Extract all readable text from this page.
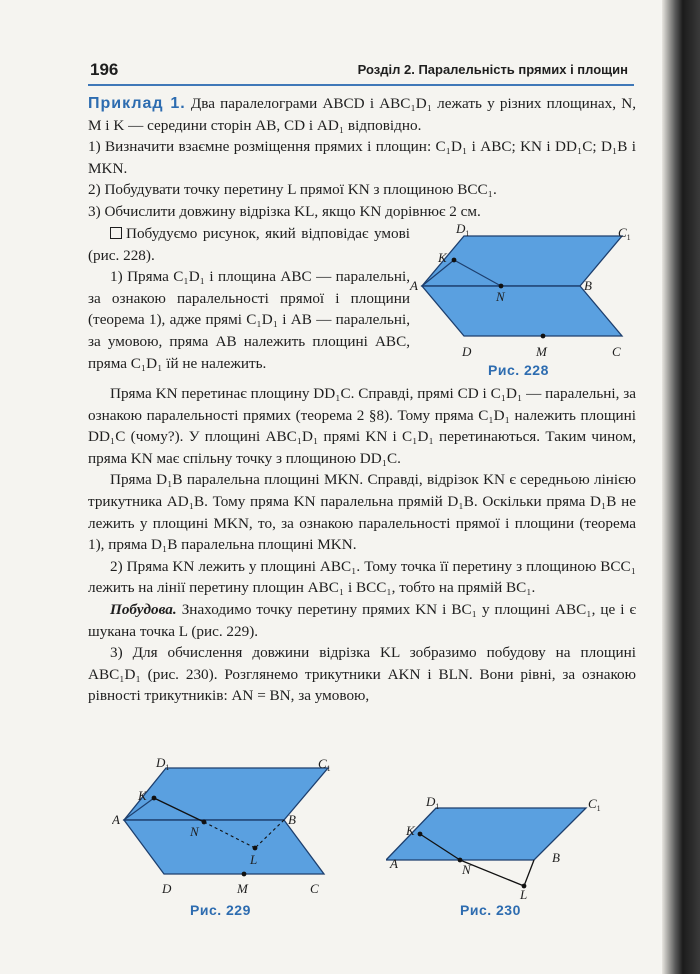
196	Розділ 2. Паралельність прямих і площин

Приклад 1. Два паралелограми ABCD і ABC₁D₁ лежать у різних площинах, N, M і K — середини сторін AB, CD і AD₁ відповідно.

1) Визначити взаємне розміщення прямих і площин: C₁D₁ і ABC; KN і DD₁C; D₁B і MKN.

2) Побудувати точку перетину L прямої KN з площиною BCC₁.

3) Обчислити довжину відрізка KL, якщо KN дорівнює 2 см.

Побудуємо рисунок, який відповідає умові (рис. 228).

1) Пряма C₁D₁ і площина ABC — паралельні, за ознакою паралельності прямої і площини (теорема 1), адже прямі C₁D₁ і AB — паралельні, за умовою, пряма AB належить площині ABC, пряма C₁D₁ їй не належить.

$D_1$	$C_1$
K
A
N
B
D	M	C
Рис. 228

Пряма KN перетинає площину DD₁C. Справді, прямі CD і C₁D₁ — паралельні, за ознакою паралельності прямих (теорема 2 §8). Тому пряма C₁D₁ належить площині DD₁C (чому?). У площині ABC₁D₁ прямі KN і C₁D₁ перетинаються. Таким чином, пряма KN має спільну точку з площиною DD₁C.

Пряма D₁B паралельна площині MKN. Справді, відрізок KN є середньою лінією трикутника AD₁B. Тому пряма KN паралельна прямій D₁B. Оскільки пряма D₁B не лежить у площині MKN, то, за ознакою паралельності прямої і площини (теорема 1), пряма D₁B паралельна площині MKN.

2) Пряма KN лежить у площині ABC₁. Тому точка її перетину з площиною BCC₁ лежить на лінії перетину площин ABC₁ і BCC₁, тобто на прямій BC₁.

Побудова. Знаходимо точку перетину прямих KN і BC₁ у площині ABC₁, це і є шукана точка L (рис. 229).

3) Для обчислення довжини відрізка KL зобразимо побудову на площині ABC₁D₁ (рис. 230). Розглянемо трикутники AKN і BLN. Вони рівні, за ознакою рівності трикутників: AN = BN, за умовою,

$D_1$	$C_1$
K
A
N
B
L
D	M	C
Рис. 229
$D_1$	$C_1$
K
A	N
B
L
Рис. 230
